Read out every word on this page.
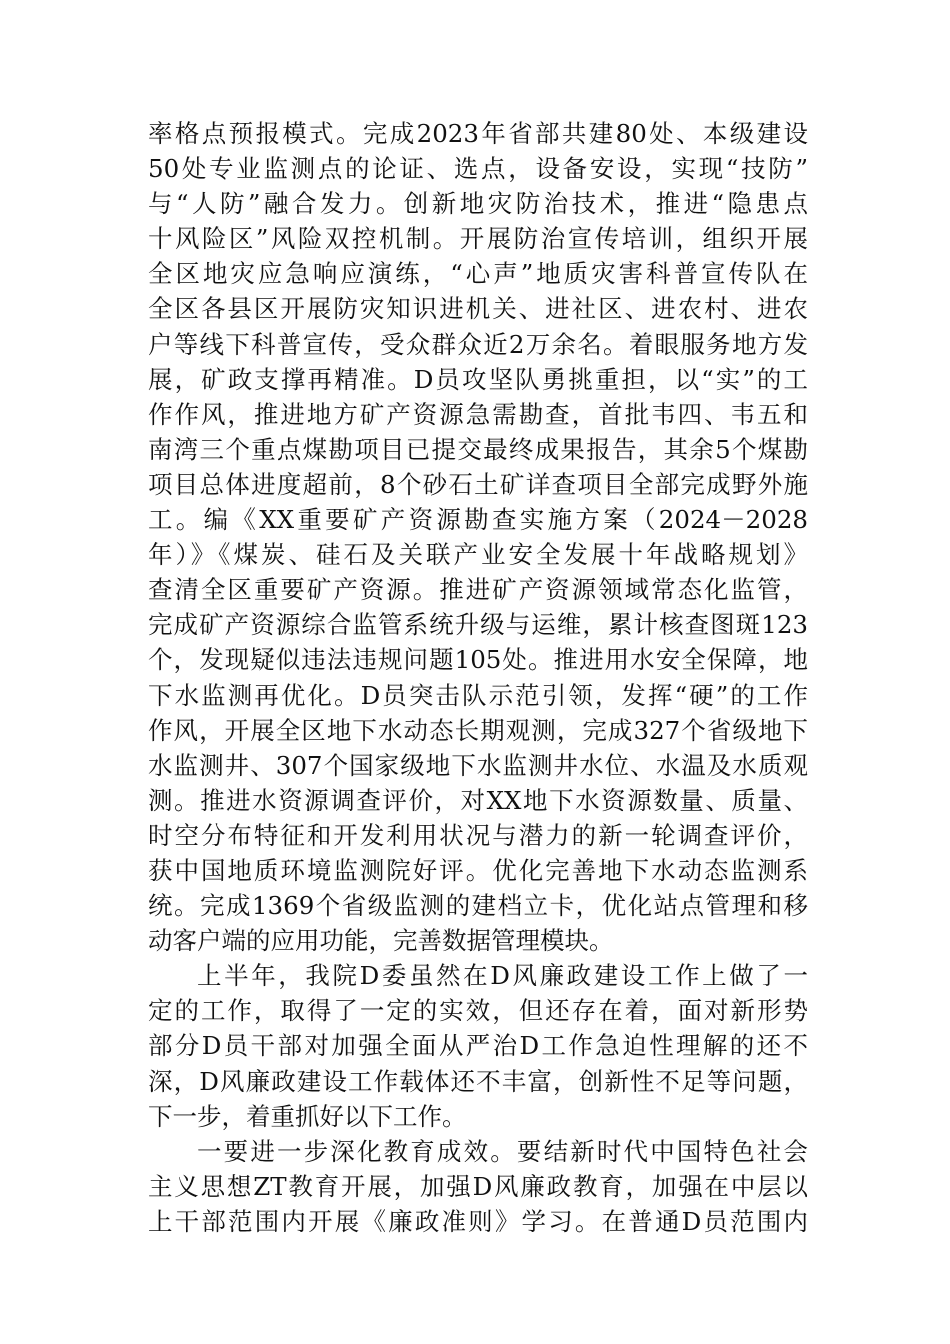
率格点预报模式。完成2023年省部共建80处、本级建设
50处专业监测点的论证、选点，设备安设，实现“技防”
与“人防”融合发力。创新地灾防治技术，推进“隐患点
十风险区”风险双控机制。开展防治宣传培训，组织开展
全区地灾应急响应演练，“心声”地质灾害科普宣传队在
全区各县区开展防灾知识进机关、进社区、进农村、进农
户等线下科普宣传，受众群众近2万余名。着眼服务地方发
展，矿政支撑再精准。D员攻坚队勇挑重担，以“实”的工
作作风，推进地方矿产资源急需勘查，首批韦四、韦五和
南湾三个重点煤勘项目已提交最终成果报告，其余5个煤勘
项目总体进度超前，8个砂石土矿详查项目全部完成野外施
工。编《XX重要矿产资源勘查实施方案（2024－2028
年）》《煤炭、硅石及关联产业安全发展十年战略规划》
查清全区重要矿产资源。推进矿产资源领域常态化监管，
完成矿产资源综合监管系统升级与运维，累计核查图斑123
个，发现疑似违法违规问题105处。推进用水安全保障，地
下水监测再优化。D员突击队示范引领，发挥“硬”的工作
作风，开展全区地下水动态长期观测，完成327个省级地下
水监测井、307个国家级地下水监测井水位、水温及水质观
测。推进水资源调查评价，对XX地下水资源数量、质量、
时空分布特征和开发利用状况与潜力的新一轮调查评价，
获中国地质环境监测院好评。优化完善地下水动态监测系
统。完成1369个省级监测的建档立卡，优化站点管理和移
动客户端的应用功能，完善数据管理模块。
上半年，我院D委虽然在D风廉政建设工作上做了一
定的工作，取得了一定的实效，但还存在着，面对新形势
部分D员干部对加强全面从严治D工作急迫性理解的还不
深，D风廉政建设工作载体还不丰富，创新性不足等问题，
下一步，着重抓好以下工作。
一要进一步深化教育成效。要结新时代中国特色社会
主义思想ZT教育开展，加强D风廉政教育，加强在中层以
上干部范围内开展《廉政准则》学习。在普通D员范围内
